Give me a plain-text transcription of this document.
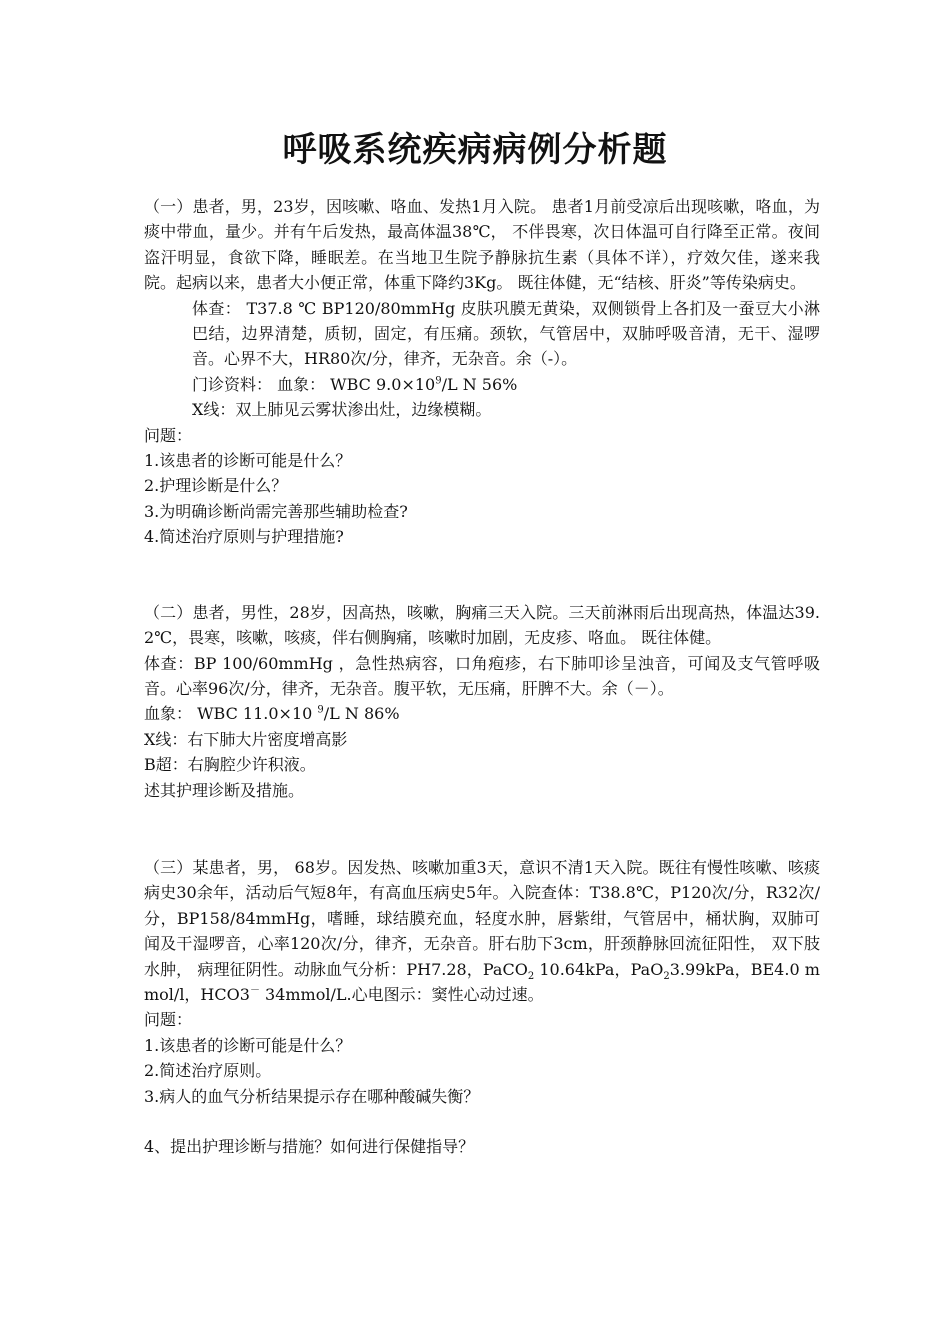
呼吸系统疾病病例分析题

（一）患者，男，23岁，因咳嗽、咯血、发热1月入院。 患者1月前受凉后出现咳嗽，咯血，为痰中带血，量少。并有午后发热，最高体温38℃， 不伴畏寒，次日体温可自行降至正常。夜间盗汗明显，食欲下降，睡眠差。在当地卫生院予静脉抗生素（具体不详），疗效欠佳，遂来我院。起病以来，患者大小便正常，体重下降约3Kg。 既往体健，无“结核、肝炎”等传染病史。

体查： T37.8 ℃ BP120/80mmHg 皮肤巩膜无黄染，双侧锁骨上各扪及一蚕豆大小淋巴结，边界清楚，质韧，固定，有压痛。颈软，气管居中，双肺呼吸音清，无干、湿啰音。心界不大，HR80次/分，律齐，无杂音。余（-）。

门诊资料： 血象： WBC $9.0\times 10^9/L$ N 56%

X线：双上肺见云雾状渗出灶，边缘模糊。

问题：

1.该患者的诊断可能是什么？

2.护理诊断是什么？

3.为明确诊断尚需完善那些辅助检查?

4.简述治疗原则与护理措施?

（二）患者，男性，28岁，因高热，咳嗽，胸痛三天入院。三天前淋雨后出现高热，体温达39.2℃，畏寒，咳嗽，咳痰，伴右侧胸痛，咳嗽时加剧，无皮疹、咯血。 既往体健。

体查：BP 100/60mmHg ，急性热病容，口角疱疹，右下肺叩诊呈浊音，可闻及支气管呼吸音。心率96次/分，律齐，无杂音。腹平软，无压痛，肝脾不大。余（－）。

血象： WBC 11.0×10 $^9$/L N 86%

X线：右下肺大片密度增高影

B超：右胸腔少许积液。

述其护理诊断及措施。

（三）某患者，男， 68岁。因发热、咳嗽加重3天，意识不清1天入院。既往有慢性咳嗽、咳痰病史30余年，活动后气短8年，有高血压病史5年。入院查体：T38.8℃，P120次/分，R32次/分，BP158/84mmHg，嗜睡，球结膜充血，轻度水肿，唇紫绀，气管居中，桶状胸，双肺可闻及干湿啰音，心率120次/分，律齐，无杂音。肝右肋下3cm，肝颈静脉回流征阳性， 双下肢水肿， 病理征阴性。动脉血气分析：PH7.28，PaCO$_2$ 10.64kPa，PaO$_2$3.99kPa，BE4.0 mmol/l，HCO3－ 34mmol/L.心电图示：窦性心动过速。

问题：

1.该患者的诊断可能是什么？

2.简述治疗原则。

3.病人的血气分析结果提示存在哪种酸碱失衡？

4、提出护理诊断与措施？如何进行保健指导？
